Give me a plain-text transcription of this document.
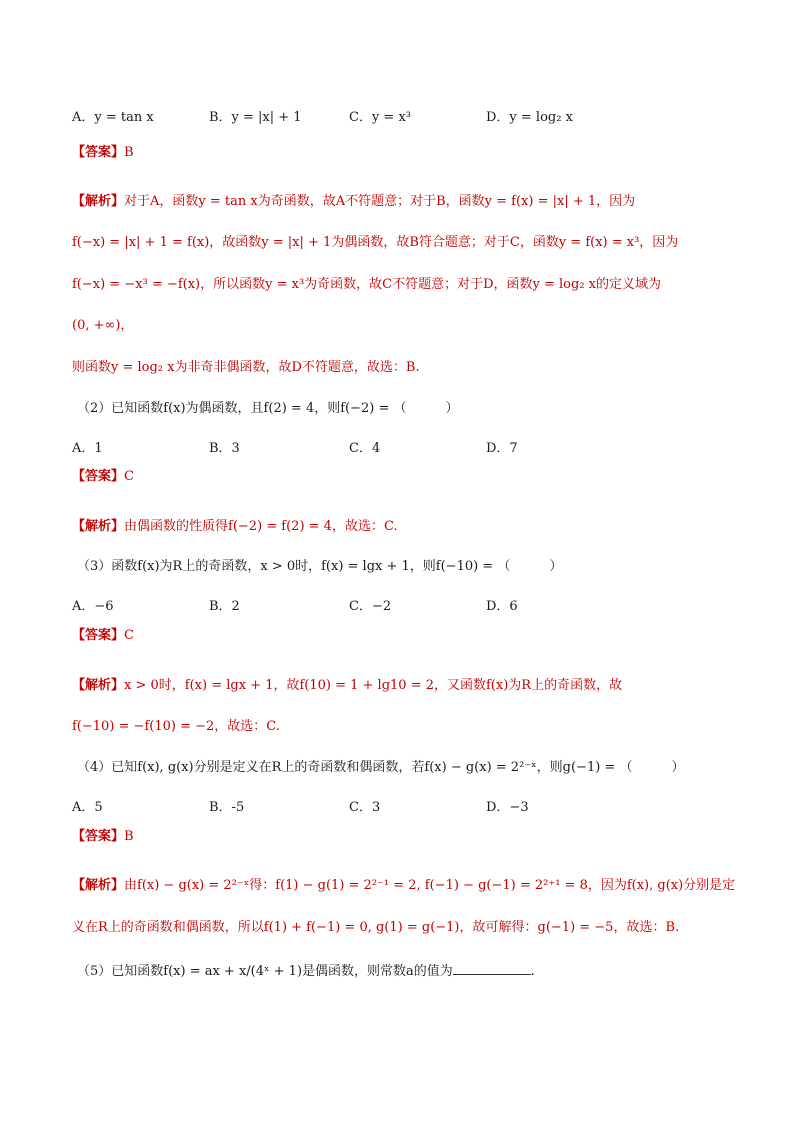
A．y = tan x	B．y = |x| + 1	C．y = x³	D．y = log₂ x
【答案】B
【解析】对于A，函数y = tan x为奇函数，故A不符题意；对于B，函数y = f(x) = |x| + 1，因为
f(−x) = |x| + 1 = f(x)，故函数y = |x| + 1为偶函数，故B符合题意；对于C，函数y = f(x) = x³，因为
f(−x) = −x³ = −f(x)，所以函数y = x³为奇函数，故C不符题意；对于D，函数y = log₂ x的定义域为
(0, +∞)，
则函数y = log₂ x为非奇非偶函数，故D不符题意，故选：B.
（2）已知函数f(x)为偶函数，且f(2) = 4，则f(−2) = （　　　）
A．1	B．3	C．4	D．7
【答案】C
【解析】由偶函数的性质得f(−2) = f(2) = 4，故选：C.
（3）函数f(x)为R上的奇函数，x > 0时，f(x) = lgx + 1，则f(−10) = （　　　）
A．−6	B．2	C．−2	D．6
【答案】C
【解析】x > 0时，f(x) = lgx + 1，故f(10) = 1 + lg10 = 2，又函数f(x)为R上的奇函数，故
f(−10) = −f(10) = −2，故选：C.
（4）已知f(x), g(x)分别是定义在R上的奇函数和偶函数，若f(x) − g(x) = 2²⁻ˣ，则g(−1) = （　　　）
A．5	B．-5	C．3	D．−3
【答案】B
【解析】由f(x) − g(x) = 2²⁻ˣ得：f(1) − g(1) = 2²⁻¹ = 2, f(−1) − g(−1) = 2²⁺¹ = 8，因为f(x), g(x)分别是定
义在R上的奇函数和偶函数，所以f(1) + f(−1) = 0, g(1) = g(−1)，故可解得：g(−1) = −5，故选：B.
（5）已知函数f(x) = ax + x/(4ˣ + 1)是偶函数，则常数a的值为	.
